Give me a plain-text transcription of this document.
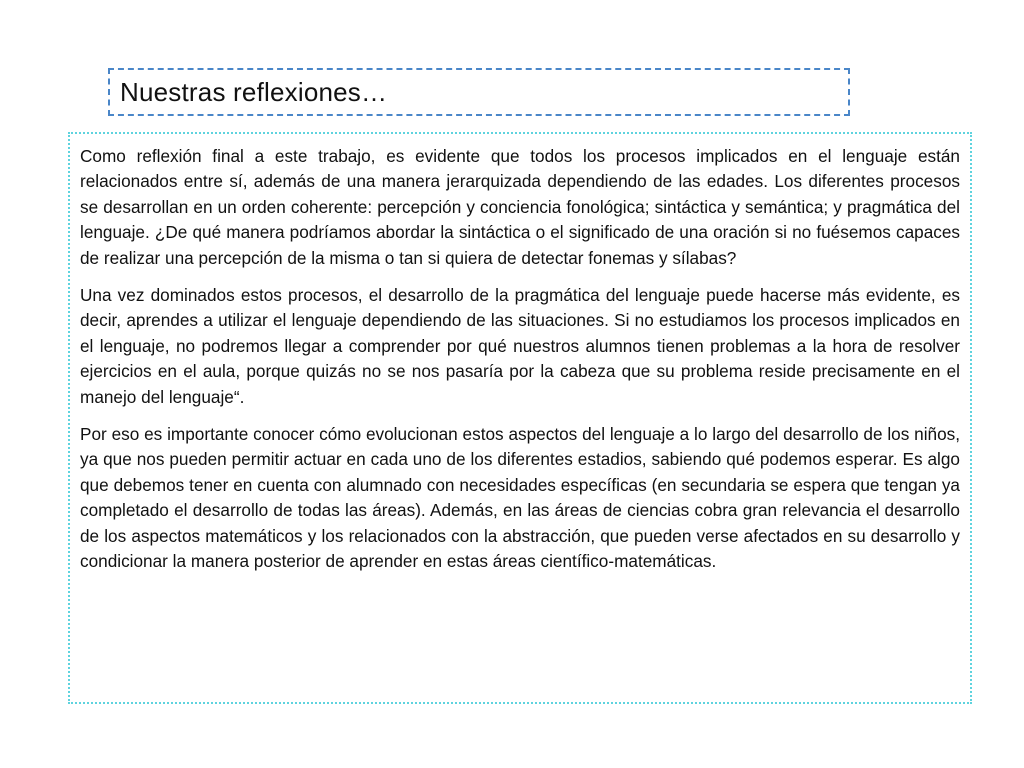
Nuestras reflexiones…

Como reflexión final a este trabajo, es evidente que todos los procesos implicados en el lenguaje están relacionados entre sí, además de una manera jerarquizada dependiendo de las edades. Los diferentes procesos se desarrollan en un orden coherente: percepción y conciencia fonológica; sintáctica y semántica; y pragmática del lenguaje. ¿De qué manera podríamos abordar la sintáctica o el significado de una oración si no fuésemos capaces de realizar una percepción de la misma o tan si quiera de detectar fonemas y sílabas?

Una vez dominados estos procesos, el desarrollo de la pragmática del lenguaje puede hacerse más evidente, es decir, aprendes a utilizar el lenguaje dependiendo de las situaciones. Si no estudiamos los procesos implicados en el lenguaje, no podremos llegar a comprender por qué nuestros alumnos tienen problemas a la hora de resolver ejercicios en el aula, porque quizás no se nos pasaría por la cabeza que su problema reside precisamente en el manejo del lenguaje“.

Por eso es importante conocer cómo evolucionan estos aspectos del lenguaje a lo largo del desarrollo de los niños, ya que nos pueden permitir actuar en cada uno de los diferentes estadios, sabiendo qué podemos esperar. Es algo que debemos tener en cuenta con alumnado con necesidades específicas (en secundaria se espera que tengan ya completado el desarrollo de todas las áreas). Además, en las áreas de ciencias cobra gran relevancia el desarrollo de los aspectos matemáticos y los relacionados con la abstracción, que pueden verse afectados en su desarrollo y condicionar la manera posterior de aprender en estas áreas científico-matemáticas.
